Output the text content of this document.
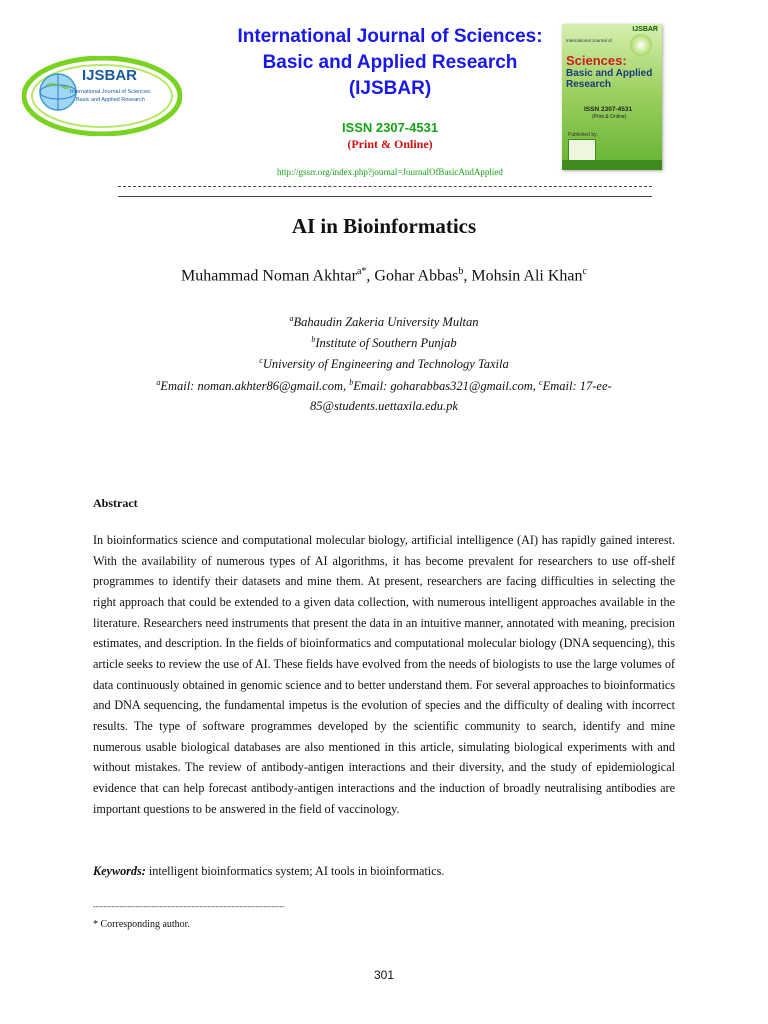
IJSBAR
International Journal of Sciences:
Basic and Applied Research
International Journal of Sciences:
Basic and Applied Research
(IJSBAR)
ISSN 2307-4531
(Print & Online)
http://gssrr.org/index.php?journal=JournalOfBasicAndApplied
IJSBAR
International Journal of
Sciences:
Basic and Applied
Research
ISSN 2307-4531
(Print & Online)
Published by:
AI in Bioinformatics
Muhammad Noman Akhtar$^{a*}$, Gohar Abbas$^b$, Mohsin Ali Khan$^c$
$^a$Bahaudin Zakeria University Multan
$^b$Institute of Southern Punjab
$^c$University of Engineering and Technology Taxila
$^a$Email: noman.akhter86@gmail.com, $^b$Email: goharabbas321@gmail.com, $^c$Email: 17-ee-
85@students.uettaxila.edu.pk
Abstract
In bioinformatics science and computational molecular biology, artificial intelligence (AI) has rapidly gained interest. With the availability of numerous types of AI algorithms, it has become prevalent for researchers to use off-shelf programmes to identify their datasets and mine them. At present, researchers are facing difficulties in selecting the right approach that could be extended to a given data collection, with numerous intelligent approaches available in the literature. Researchers need instruments that present the data in an intuitive manner, annotated with meaning, precision estimates, and description. In the fields of bioinformatics and computational molecular biology (DNA sequencing), this article seeks to review the use of AI. These fields have evolved from the needs of biologists to use the large volumes of data continuously obtained in genomic science and to better understand them. For several approaches to bioinformatics and DNA sequencing, the fundamental impetus is the evolution of species and the difficulty of dealing with incorrect results. The type of software programmes developed by the scientific community to search, identify and mine numerous usable biological databases are also mentioned in this article, simulating biological experiments with and without mistakes. The review of antibody-antigen interactions and their diversity, and the study of epidemiological evidence that can help forecast antibody-antigen interactions and the induction of broadly neutralising antibodies are important questions to be answered in the field of vaccinology.
Keywords: intelligent bioinformatics system; AI tools in bioinformatics.
------------------------------------------------------------------------
* Corresponding author.
301
